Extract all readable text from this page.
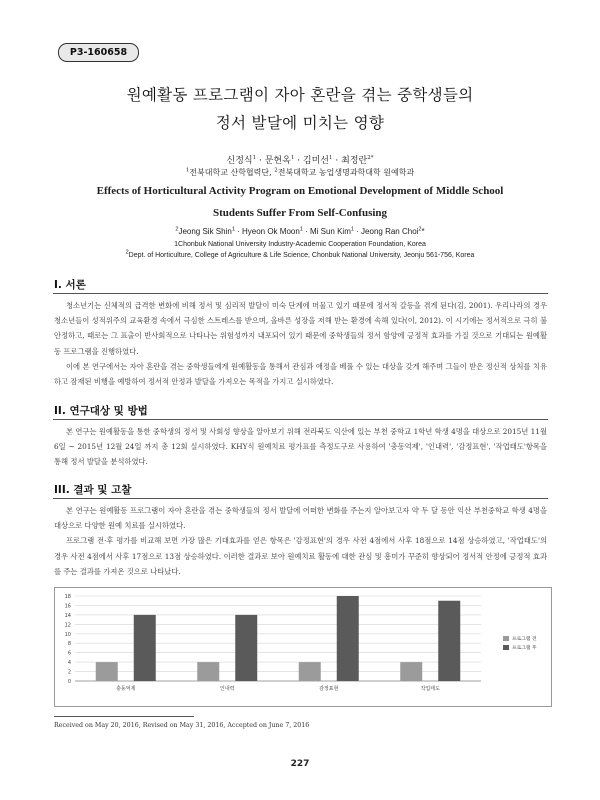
P3-160658
원예활동 프로그램이 자아 혼란을 겪는 중학생들의
정서 발달에 미치는 영향
신정식$^1$ · 문현옥$^1$ · 김미선$^1$ · 최정란$^{2*}$
$^1$전북대학교 산학협력단, $^2$전북대학교 농업생명과학대학 원예학과
Effects of Horticultural Activity Program on Emotional Development of Middle School
Students Suffer From Self-Confusing
$^2$Jeong Sik Shin$^1$ · Hyeon Ok Moon$^1$ · Mi Sun Kim$^1$ · Jeong Ran Choi$^2$*
1Chonbuk National University Industry-Academic Cooperation Foundation, Korea
$^2$Dept. of Horticulture, College of Agriculture & Life Science, Chonbuk National University, Jeonju 561-756, Korea
I. 서론

청소년기는 신체적의 급격한 변화에 비해 정서 및 심리적 발달이 미숙 단계에 머물고 있기 때문에 정서적 갈등을 겪게 된다(김, 2001). 우리나라의 경우 청소년들이 성적위주의 교육환경 속에서 극심한 스트레스를 받으며, 올바른 성장을 저해 받는 환경에 속해 있다(이, 2012). 이 시기에는 정서적으로 극히 불안정하고, 때로는 그 표출이 반사회적으로 나타나는 위험성까지 내포되어 있기 때문에 중학생들의 정서 함양에 긍정적 효과를 가질 것으로 기대되는 원예활동 프로그램을 진행하였다.

이에 본 연구에서는 자아 혼란을 겪는 중학생들에게 원예활동을 통해서 관심과 애정을 베풀 수 있는 대상을 갖게 해주며 그들이 받은 정신적 상처를 치유하고 잠재된 비행을 예방하여 정서적 안정과 발달을 가져오는 목적을 가지고 실시하였다.

II. 연구대상 및 방법

본 연구는 원예활동을 통한 중학생의 정서 및 사회성 향상을 알아보기 위해 전라북도 익산에 있는 부천 중학교 1학년 학생 4명을 대상으로 2015년 11월 6일 ~ 2015년 12월 24일 까지 총 12회 실시하였다. KHY식 원예치료 평가표를 측정도구로 사용하여 '충동억제', '인내력', '감정표현', '작업태도'항목을 통해 정서 발달을 분석하였다.

III. 결과 및 고찰

본 연구는 원예활동 프로그램이 자아 혼란을 겪는 중학생들의 정서 발달에 어떠한 변화를 주는지 알아보고자 약 두 달 동안 익산 부천중학교 학생 4명을 대상으로 다양한 원예 치료를 실시하였다.

프로그램 전·후 평가를 비교해 보면 가장 많은 기대효과를 얻은 항목은 '감정표현'의 경우 사전 4점에서 사후 18점으로 14점 상승하였고, '작업태도'의 경우 사전 4점에서 사후 17점으로 13점 상승하였다. 이러한 결과로 보아 원예치료 활동에 대한 관심 및 흥미가 꾸준히 향상되어 정서적 안정에 긍정적 효과를 주는 결과를 가져온 것으로 나타났다.

0
2
4
6
8
10
12
14
16
18
충동억제	인내력	감정표현	작업태도
프로그램 전
프로그램 후
Received on May 20, 2016, Revised on May 31, 2016, Accepted on June 7, 2016
227
